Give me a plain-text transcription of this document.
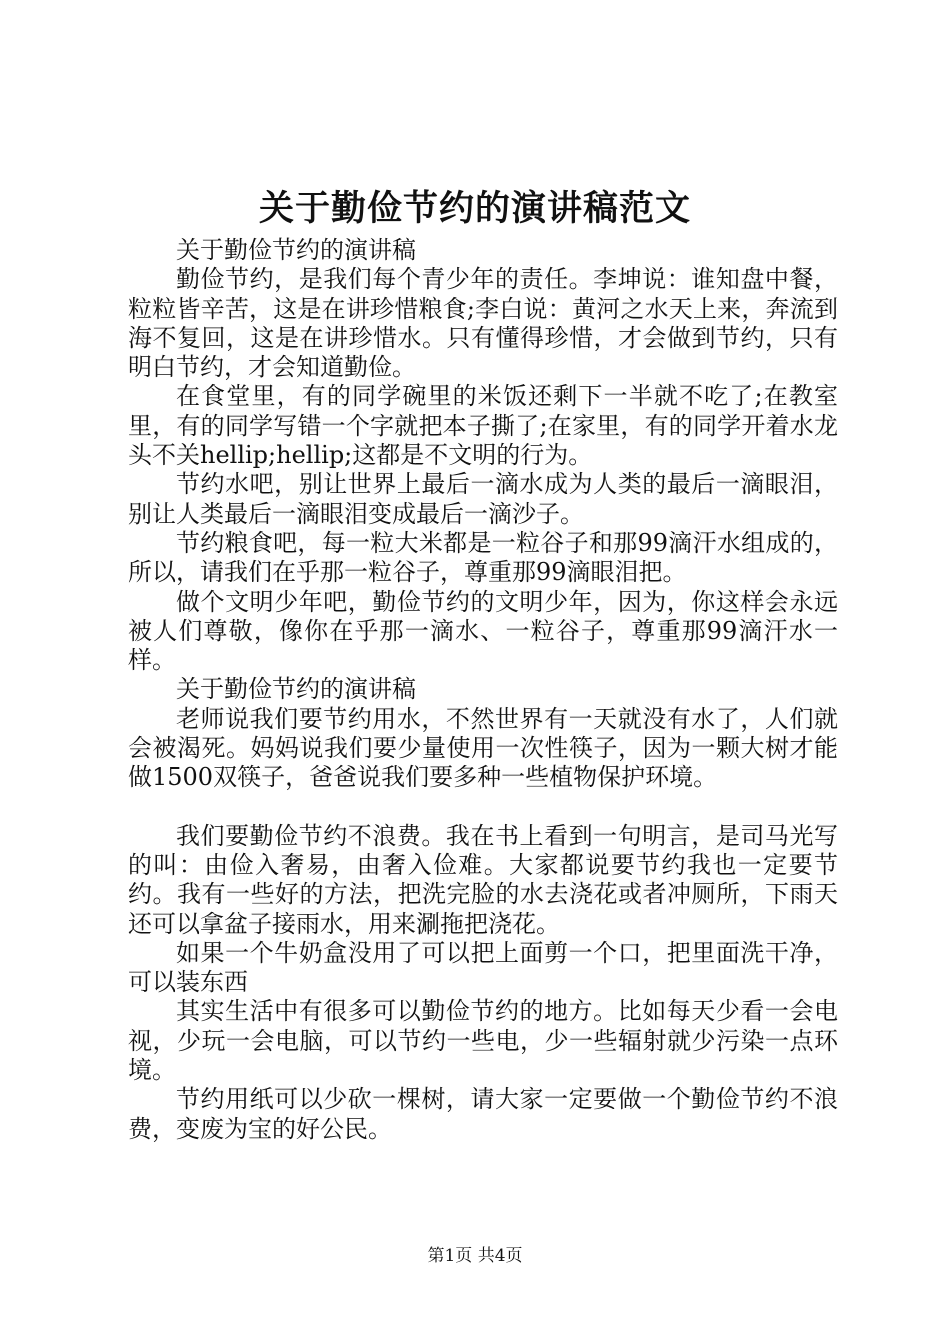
关于勤俭节约的演讲稿范文

关于勤俭节约的演讲稿

勤俭节约，是我们每个青少年的责任。李坤说：谁知盘中餐，粒粒皆辛苦，这是在讲珍惜粮食;李白说：黄河之水天上来，奔流到海不复回，这是在讲珍惜水。只有懂得珍惜，才会做到节约，只有明白节约，才会知道勤俭。

在食堂里，有的同学碗里的米饭还剩下一半就不吃了;在教室里，有的同学写错一个字就把本子撕了;在家里，有的同学开着水龙头不关hellip;hellip;这都是不文明的行为。

节约水吧，别让世界上最后一滴水成为人类的最后一滴眼泪，别让人类最后一滴眼泪变成最后一滴沙子。

节约粮食吧，每一粒大米都是一粒谷子和那99滴汗水组成的，所以，请我们在乎那一粒谷子，尊重那99滴眼泪把。

做个文明少年吧，勤俭节约的文明少年，因为，你这样会永远被人们尊敬，像你在乎那一滴水、一粒谷子，尊重那99滴汗水一样。

关于勤俭节约的演讲稿

老师说我们要节约用水，不然世界有一天就没有水了，人们就会被渴死。妈妈说我们要少量使用一次性筷子，因为一颗大树才能做1500双筷子，爸爸说我们要多种一些植物保护环境。

我们要勤俭节约不浪费。我在书上看到一句明言，是司马光写的叫：由俭入奢易，由奢入俭难。大家都说要节约我也一定要节约。我有一些好的方法，把洗完脸的水去浇花或者冲厕所，下雨天还可以拿盆子接雨水，用来涮拖把浇花。

如果一个牛奶盒没用了可以把上面剪一个口，把里面洗干净，可以装东西

其实生活中有很多可以勤俭节约的地方。比如每天少看一会电视，少玩一会电脑，可以节约一些电，少一些辐射就少污染一点环境。

节约用纸可以少砍一棵树，请大家一定要做一个勤俭节约不浪费，变废为宝的好公民。

第1页 共4页
